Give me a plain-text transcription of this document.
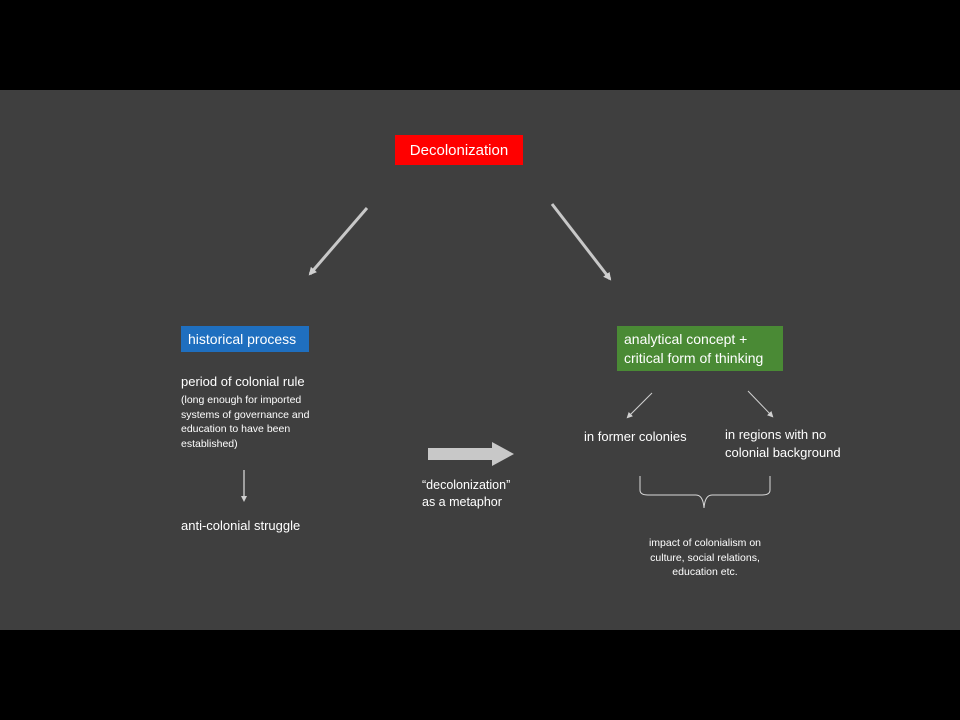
Decolonization
historical process	analytical concept +
critical form of thinking
period of colonial rule
(long enough for imported
systems of governance and
education to have been
established)
anti-colonial struggle
“decolonization”
as a metaphor
in former colonies	in regions with no
colonial background
impact of colonialism on
culture, social relations,
education etc.
